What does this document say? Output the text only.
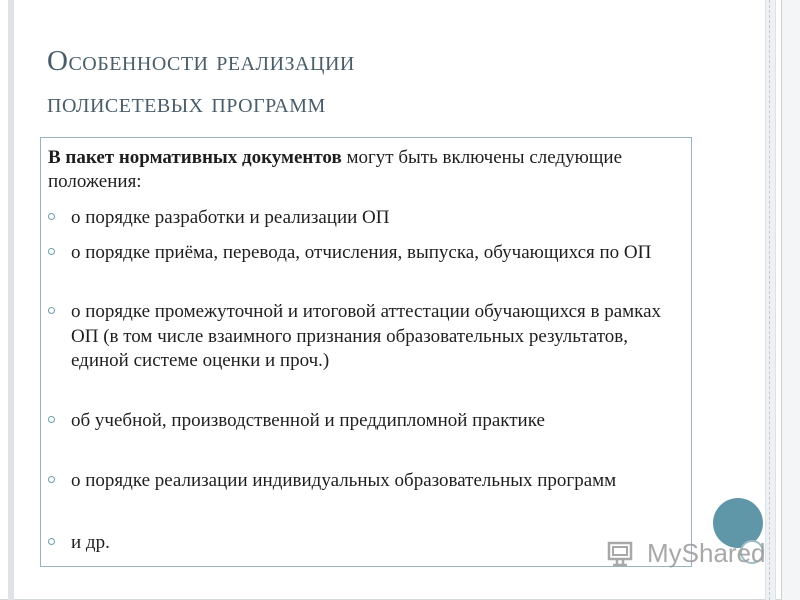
Особенности реализации
полисетевых программ
В пакет нормативных документов могут быть включены следующие положения:
о порядке разработки и реализации ОП
о порядке приёма, перевода, отчисления, выпуска, обучающихся по ОП
о порядке промежуточной и итоговой аттестации обучающихся в рамках ОП (в том числе взаимного признания образовательных результатов, единой системе оценки и проч.)
об учебной, производственной и преддипломной практике
о порядке реализации индивидуальных образовательных программ
и др.	MyShared
